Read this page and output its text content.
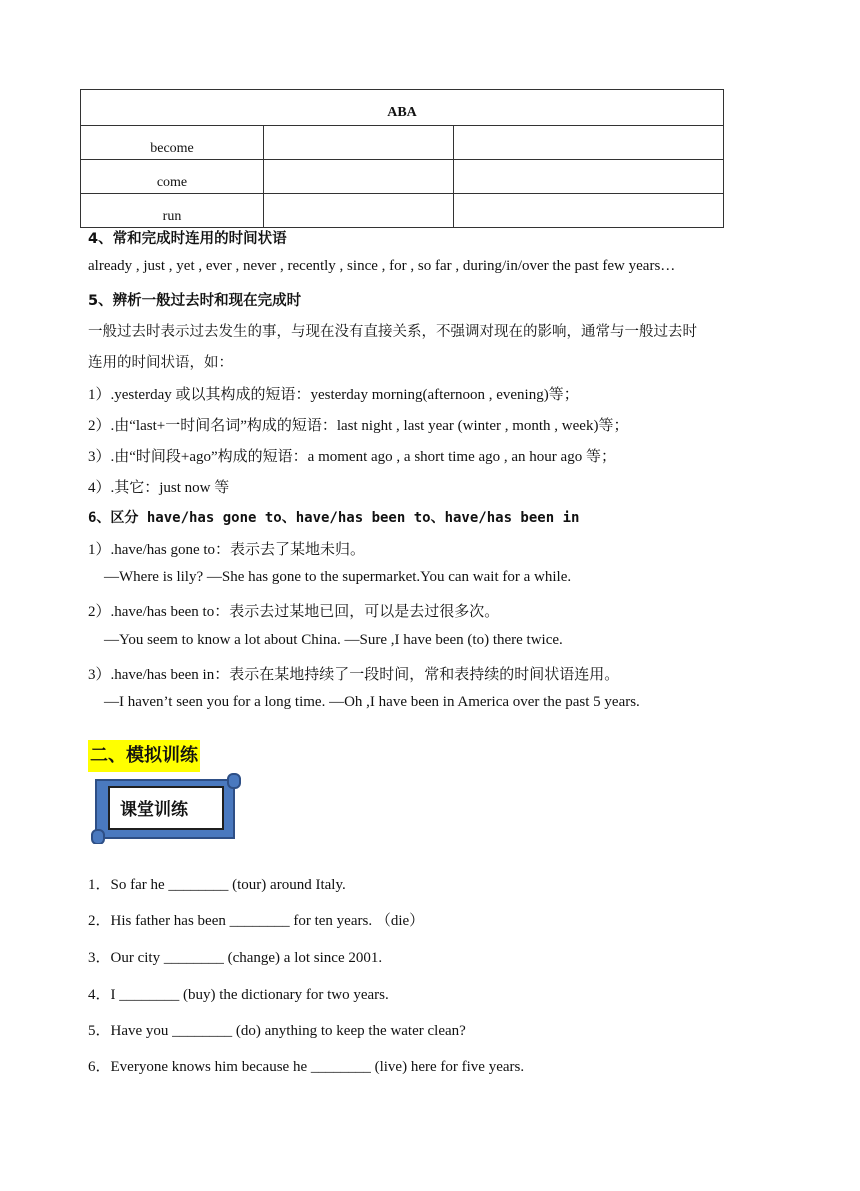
ABA		
become		
come		
run		
4、常和完成时连用的时间状语
already , just , yet , ever , never , recently , since , for , so far , during/in/over the past few years…
5、辨析一般过去时和现在完成时
一般过去时表示过去发生的事，与现在没有直接关系，不强调对现在的影响，通常与一般过去时
连用的时间状语，如：
1）.yesterday 或以其构成的短语：yesterday morning(afternoon , evening)等；
2）.由“last+一时间名词”构成的短语：last night , last year (winter , month , week)等；
3）.由“时间段+ago”构成的短语：a moment ago , a short time ago , an hour ago 等；
4）.其它：just now 等
6、区分 have/has gone to、have/has been to、have/has been in
1）.have/has gone to：表示去了某地未归。
—Where is lily? —She has gone to the supermarket.You can wait for a while.
2）.have/has been to：表示去过某地已回，可以是去过很多次。
—You seem to know a lot about China. —Sure ,I have been (to) there twice.
3）.have/has been in：表示在某地持续了一段时间，常和表持续的时间状语连用。
—I haven’t seen you for a long time. —Oh ,I have been in America over the past 5 years.
二、模拟训练
课堂训练
1．So far he ________ (tour) around Italy.
2．His father has been ________ for ten years. （die）
3．Our city ________ (change) a lot since 2001.
4．I ________ (buy) the dictionary for two years.
5．Have you ________ (do) anything to keep the water clean?
6．Everyone knows him because he ________ (live) here for five years.
